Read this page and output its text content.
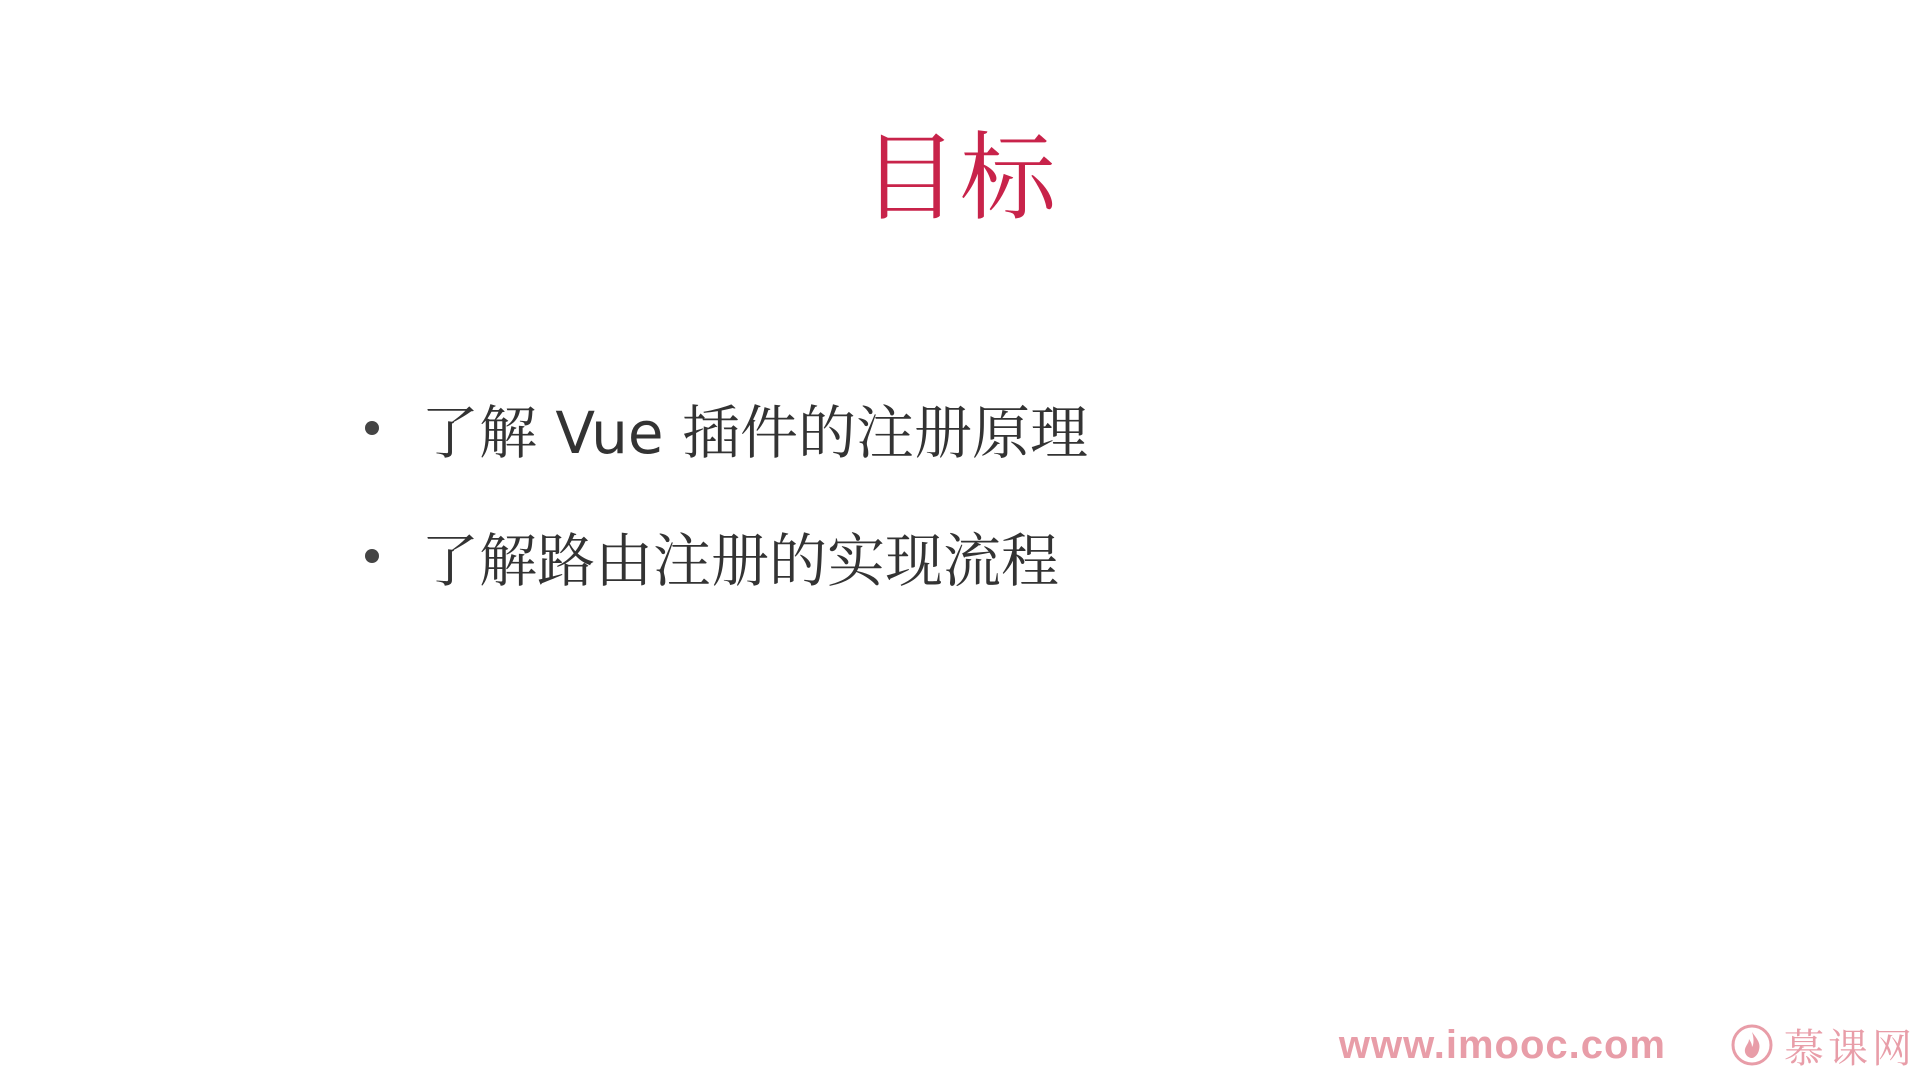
目标
了解 Vue 插件的注册原理
了解路由注册的实现流程
www.imooc.com	慕课网
